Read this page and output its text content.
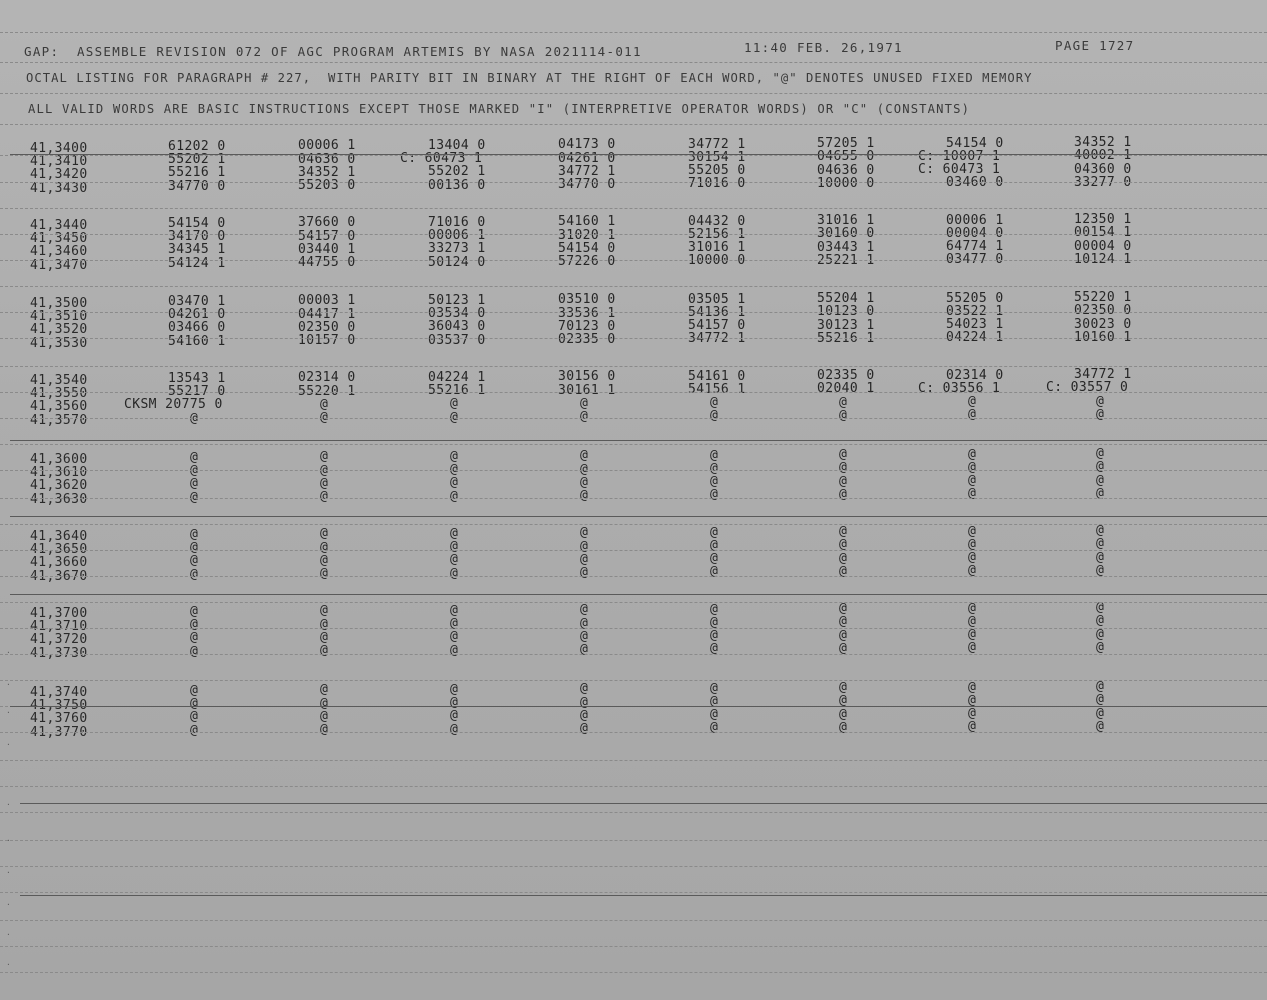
GAP:  ASSEMBLE REVISION 072 OF AGC PROGRAM ARTEMIS BY NASA 2021114-011	11:40 FEB. 26,1971	PAGE 1727
OCTAL LISTING FOR PARAGRAPH # 227,  WITH PARITY BIT IN BINARY AT THE RIGHT OF EACH WORD, "@" DENOTES UNUSED FIXED MEMORY
ALL VALID WORDS ARE BASIC INSTRUCTIONS EXCEPT THOSE MARKED "I" (INTERPRETIVE OPERATOR WORDS) OR "C" (CONSTANTS)
41,3400	61202 0	00006 1	13404 0	04173 0	34772 1	57205 1	54154 0	34352 1
41,3410	55202 1	04636 0	C: 60473 1	04261 0	30154 1	04655 0	C: 10007 1	40002 1
41,3420	55216 1	34352 1	55202 1	34772 1	55205 0	04636 0	C: 60473 1	04360 0
41,3430	34770 0	55203 0	00136 0	34770 0	71016 0	10000 0	03460 0	33277 0
41,3440	54154 0	37660 0	71016 0	54160 1	04432 0	31016 1	00006 1	12350 1
41,3450	34170 0	54157 0	00006 1	31020 1	52156 1	30160 0	00004 0	00154 1
41,3460	34345 1	03440 1	33273 1	54154 0	31016 1	03443 1	64774 1	00004 0
41,3470	54124 1	44755 0	50124 0	57226 0	10000 0	25221 1	03477 0	10124 1
41,3500	03470 1	00003 1	50123 1	03510 0	03505 1	55204 1	55205 0	55220 1
41,3510	04261 0	04417 1	03534 0	33536 1	54136 1	10123 0	03522 1	02350 0
41,3520	03466 0	02350 0	36043 0	70123 0	54157 0	30123 1	54023 1	30023 0
41,3530	54160 1	10157 0	03537 0	02335 0	34772 1	55216 1	04224 1	10160 1
41,3540	13543 1	02314 0	04224 1	30156 0	54161 0	02335 0	02314 0	34772 1
41,3550	55217 0	55220 1	55216 1	30161 1	54156 1	02040 1	C: 03556 1	C: 03557 0
41,3560	CKSM 20775 0	@	@	@	@	@	@	@
41,3570	@	@	@	@	@	@	@	@
41,3600	@	@	@	@	@	@	@	@
41,3610	@	@	@	@	@	@	@	@
41,3620	@	@	@	@	@	@	@	@
41,3630	@	@	@	@	@	@	@	@
41,3640	@	@	@	@	@	@	@	@
41,3650	@	@	@	@	@	@	@	@
41,3660	@	@	@	@	@	@	@	@
41,3670	@	@	@	@	@	@	@	@
41,3700	@	@	@	@	@	@	@	@
41,3710	@	@	@	@	@	@	@	@
41,3720	@	@	@	@	@	@	@	@
41,3730	@	@	@	@	@	@	@	@
41,3740	@	@	@	@	@	@	@	@
41,3750	@	@	@	@	@	@	@	@
41,3760	@	@	@	@	@	@	@	@
41,3770	@	@	@	@	@	@	@	@
·
·
·
·
·
·
·
·
·
·
